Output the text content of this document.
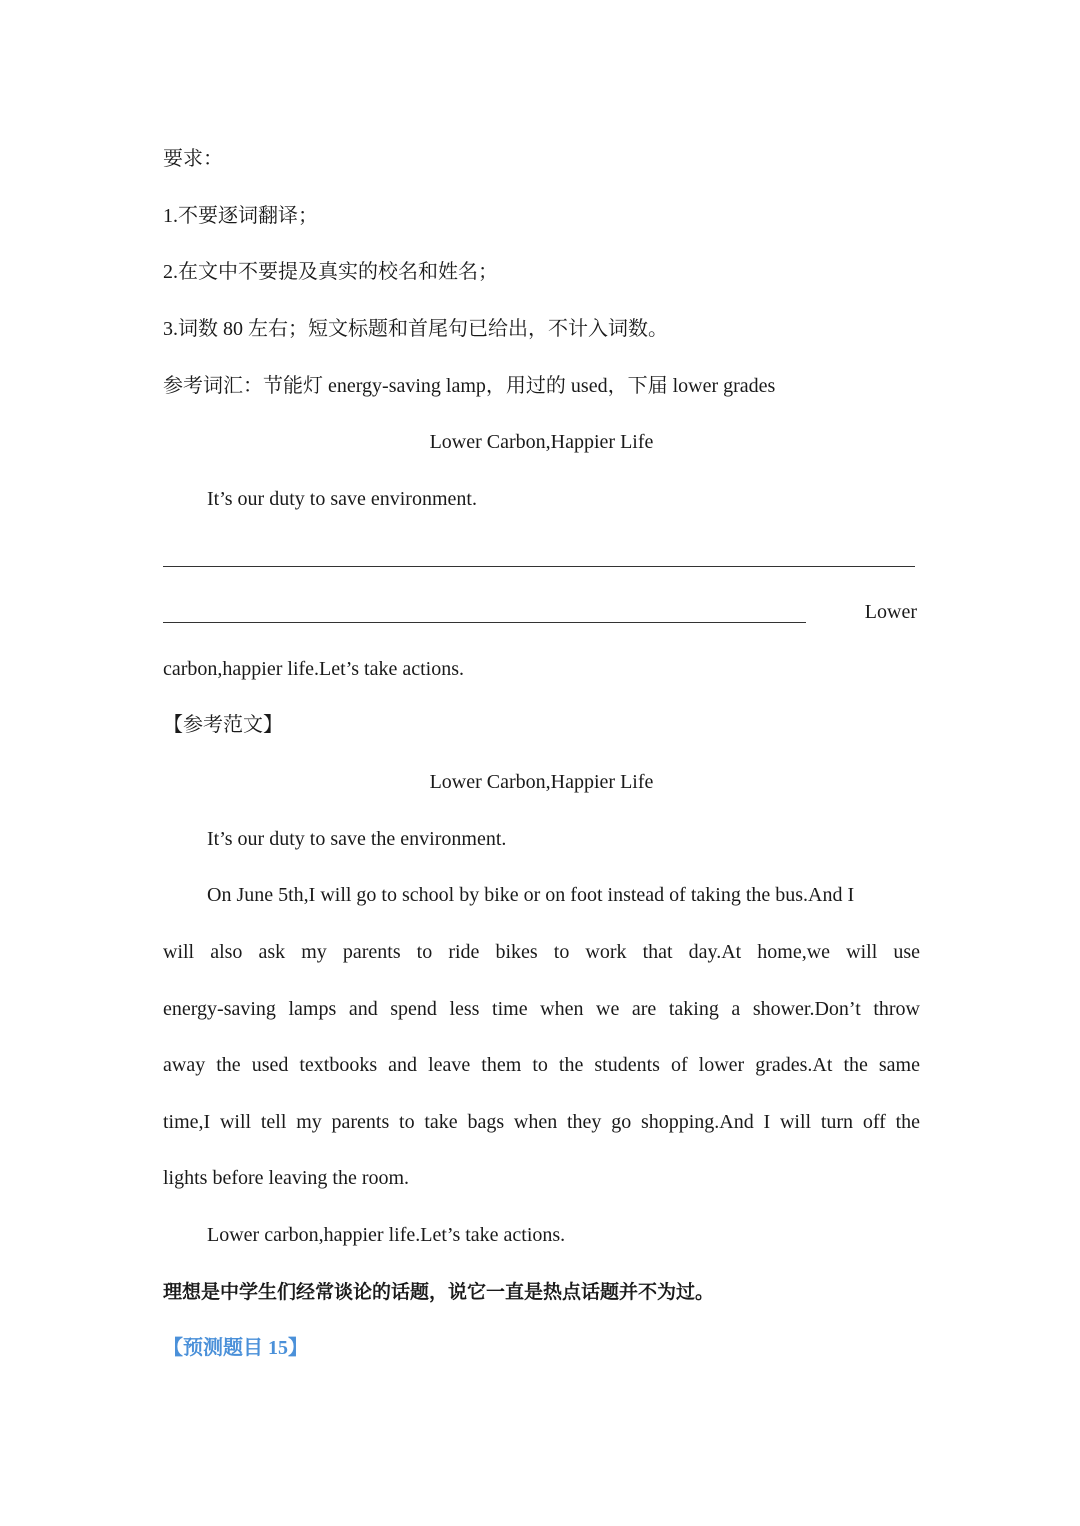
要求：
1.不要逐词翻译；
2.在文中不要提及真实的校名和姓名；
3.词数 80 左右；短文标题和首尾句已给出，不计入词数。
参考词汇：节能灯 energy-saving lamp，用过的 used，下届 lower grades
Lower Carbon,Happier Life
It’s our duty to save environment.
Lower
carbon,happier life.Let’s take actions.
【参考范文】
Lower Carbon,Happier Life
It’s our duty to save the environment.
On June 5th,I will go to school by bike or on foot instead of taking the bus.And I
will also ask my parents to ride bikes to work that day.At home,we will use
energy-saving lamps and spend less time when we are taking a shower.Don’t throw
away the used textbooks and leave them to the students of lower grades.At the same
time,I will tell my parents to take bags when they go shopping.And I will turn off the
lights before leaving the room.
Lower carbon,happier life.Let’s take actions.
理想是中学生们经常谈论的话题，说它一直是热点话题并不为过。
【预测题目 15】
